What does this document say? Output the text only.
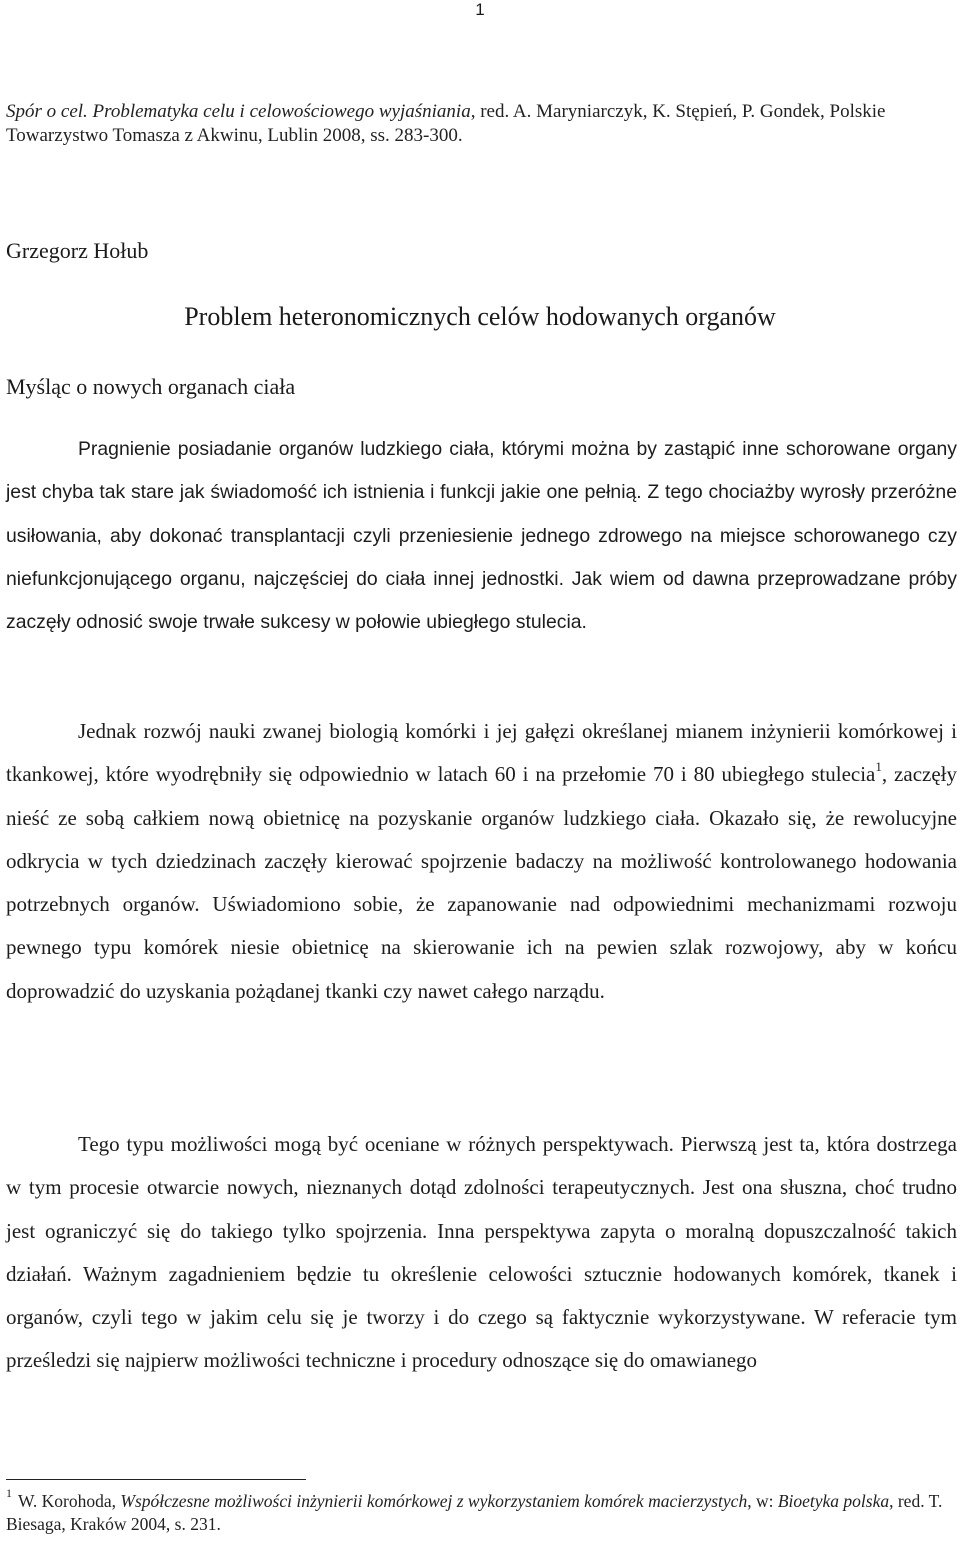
1
Spór o cel. Problematyka celu i celowościowego wyjaśniania, red. A. Maryniarczyk, K. Stępień, P. Gondek, Polskie Towarzystwo Tomasza z Akwinu, Lublin 2008, ss. 283-300.
Grzegorz Hołub
Problem heteronomicznych celów hodowanych organów
Myśląc o nowych organach ciała

Pragnienie posiadanie organów ludzkiego ciała, którymi można by zastąpić inne schorowane organy jest chyba tak stare jak świadomość ich istnienia i funkcji jakie one pełnią. Z tego chociażby wyrosły przeróżne usiłowania, aby dokonać transplantacji czyli przeniesienie jednego zdrowego na miejsce schorowanego czy niefunkcjonującego organu, najczęściej do ciała innej jednostki. Jak wiem od dawna przeprowadzane próby zaczęły odnosić swoje trwałe sukcesy w połowie ubiegłego stulecia.

Jednak rozwój nauki zwanej biologią komórki i jej gałęzi określanej mianem inżynierii komórkowej i tkankowej, które wyodrębniły się odpowiednio w latach 60 i na przełomie 70 i 80 ubiegłego stulecia$^1$, zaczęły nieść ze sobą całkiem nową obietnicę na pozyskanie organów ludzkiego ciała. Okazało się, że rewolucyjne odkrycia w tych dziedzinach zaczęły kierować spojrzenie badaczy na możliwość kontrolowanego hodowania potrzebnych organów. Uświadomiono sobie, że zapanowanie nad odpowiednimi mechanizmami rozwoju pewnego typu komórek niesie obietnicę na skierowanie ich na pewien szlak rozwojowy, aby w końcu doprowadzić do uzyskania pożądanej tkanki czy nawet całego narządu.

Tego typu możliwości mogą być oceniane w różnych perspektywach. Pierwszą jest ta, która dostrzega w tym procesie otwarcie nowych, nieznanych dotąd zdolności terapeutycznych. Jest ona słuszna, choć trudno jest ograniczyć się do takiego tylko spojrzenia. Inna perspektywa zapyta o moralną dopuszczalność takich działań. Ważnym zagadnieniem będzie tu określenie celowości sztucznie hodowanych komórek, tkanek i organów, czyli tego w jakim celu się je tworzy i do czego są faktycznie wykorzystywane. W referacie tym prześledzi się najpierw możliwości techniczne i procedury odnoszące się do omawianego

$^1$ W. Korohoda, Współczesne możliwości inżynierii komórkowej z wykorzystaniem komórek macierzystych, w: Bioetyka polska, red. T. Biesaga, Kraków 2004, s. 231.
